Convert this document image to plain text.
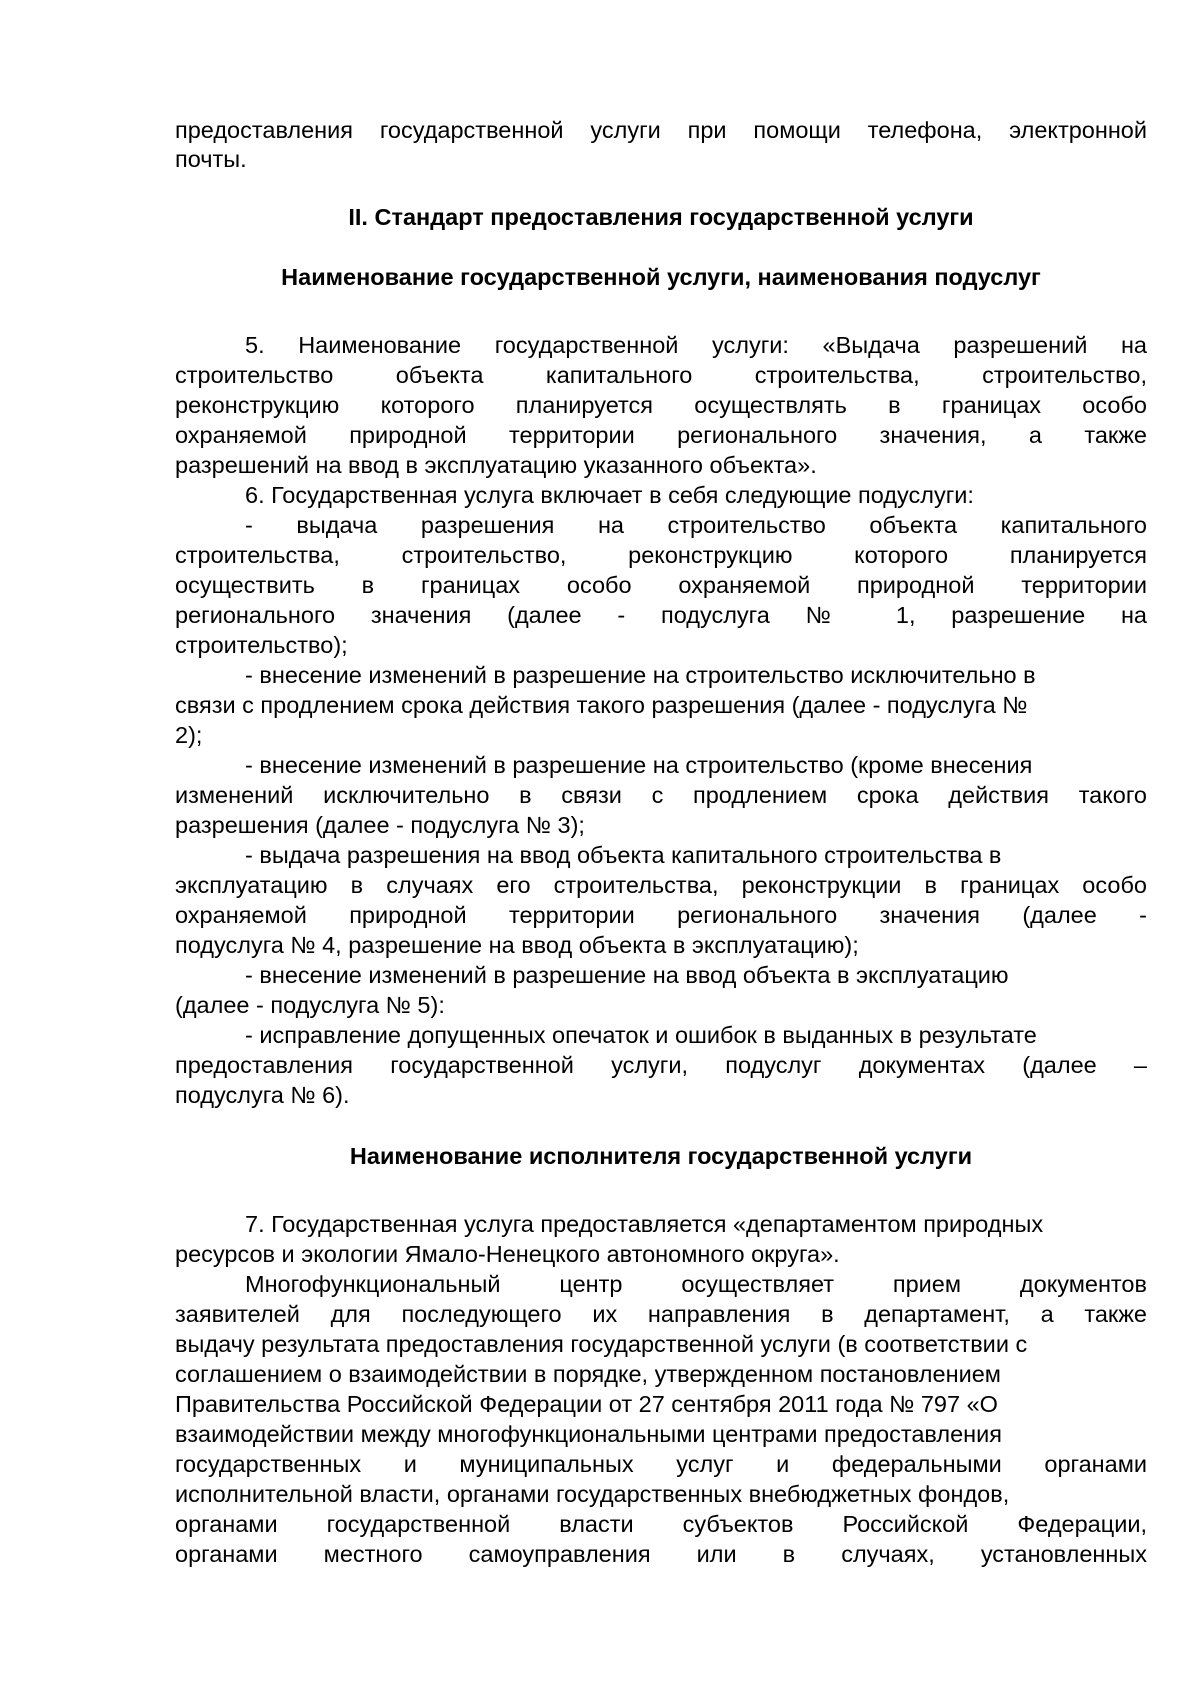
предоставления государственной услуги при помощи телефона, электронной
почты.
II. Стандарт предоставления государственной услуги
Наименование государственной услуги, наименования подуслуг
5. Наименование государственной услуги: «Выдача разрешений на
строительство объекта капитального строительства, строительство,
реконструкцию которого планируется осуществлять в границах особо
охраняемой природной территории регионального значения, а также
разрешений на ввод в эксплуатацию указанного объекта».
6. Государственная услуга включает в себя следующие подуслуги:
- выдача разрешения на строительство объекта капитального
строительства, строительство, реконструкцию которого планируется
осуществить в границах особо охраняемой природной территории
регионального значения (далее - подуслуга № 1, разрешение на
строительство);
- внесение изменений в разрешение на строительство исключительно в
связи с продлением срока действия такого разрешения (далее - подуслуга №
2);
- внесение изменений в разрешение на строительство (кроме внесения
изменений исключительно в связи с продлением срока действия такого
разрешения (далее - подуслуга № 3);
- выдача разрешения на ввод объекта капитального строительства в
эксплуатацию в случаях его строительства, реконструкции в границах особо
охраняемой природной территории регионального значения (далее -
подуслуга № 4, разрешение на ввод объекта в эксплуатацию);
- внесение изменений в разрешение на ввод объекта в эксплуатацию
(далее - подуслуга № 5):
- исправление допущенных опечаток и ошибок в выданных в результате
предоставления государственной услуги, подуслуг документах (далее –
подуслуга № 6).
Наименование исполнителя государственной услуги
7. Государственная услуга предоставляется «департаментом природных
ресурсов и экологии Ямало-Ненецкого автономного округа».
Многофункциональный центр осуществляет прием документов
заявителей для последующего их направления в департамент, а также
выдачу результата предоставления государственной услуги (в соответствии с
соглашением о взаимодействии в порядке, утвержденном постановлением
Правительства Российской Федерации от 27 сентября 2011 года № 797 «О
взаимодействии между многофункциональными центрами предоставления
государственных и муниципальных услуг и федеральными органами
исполнительной власти, органами государственных внебюджетных фондов,
органами государственной власти субъектов Российской Федерации,
органами местного самоуправления или в случаях, установленных
